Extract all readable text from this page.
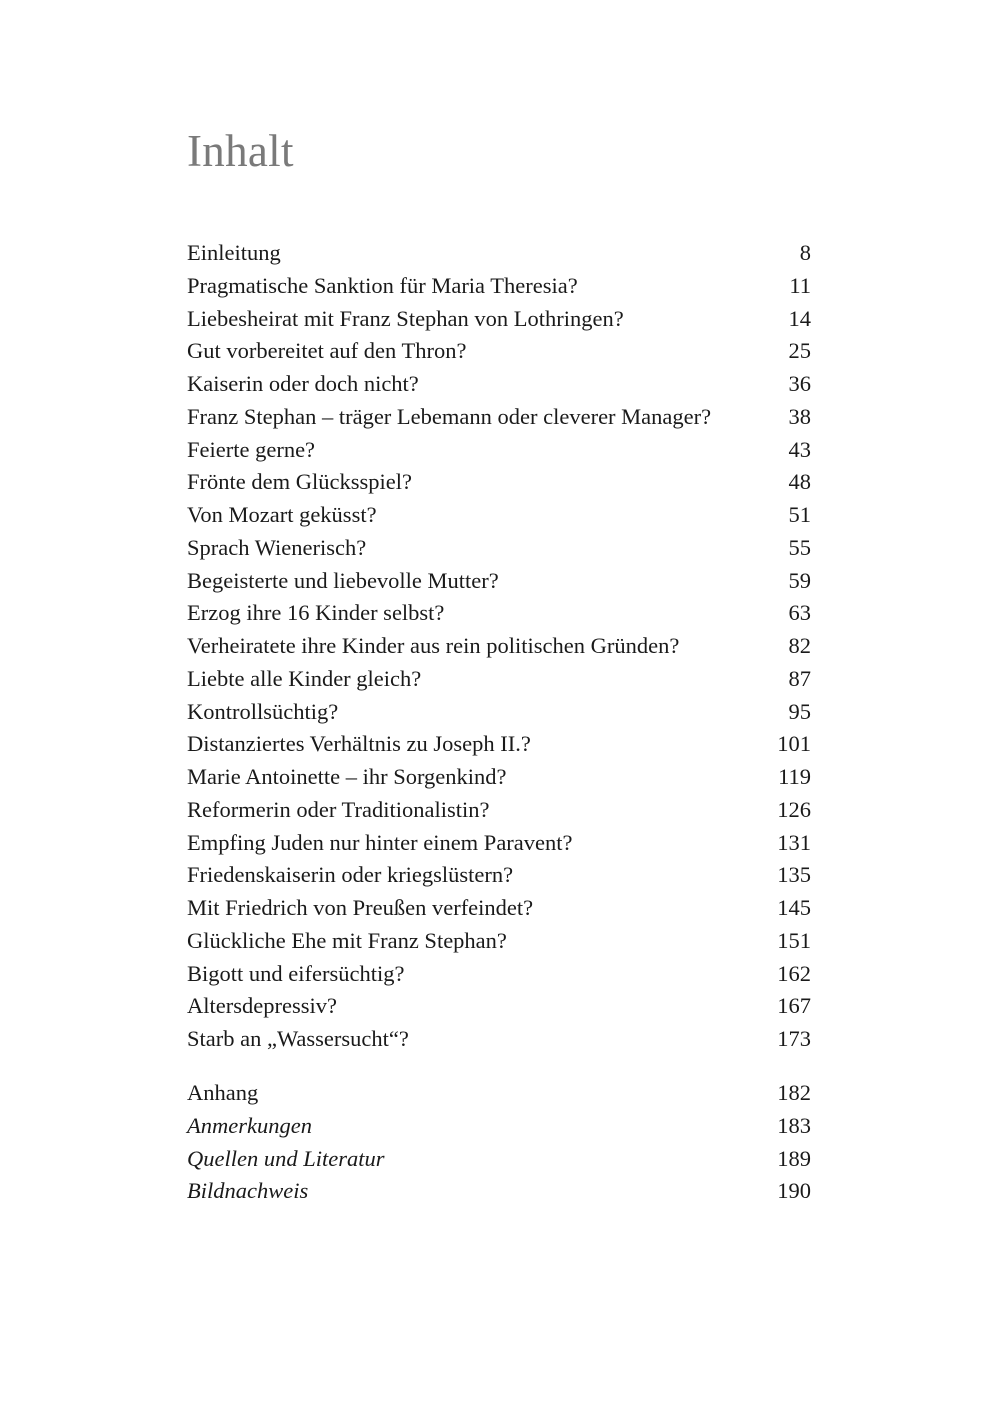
Inhalt
Einleitung	8
Pragmatische Sanktion für Maria Theresia?	11
Liebesheirat mit Franz Stephan von Lothringen?	14
Gut vorbereitet auf den Thron?	25
Kaiserin oder doch nicht?	36
Franz Stephan – träger Lebemann oder cleverer Manager?	38
Feierte gerne?	43
Frönte dem Glücksspiel?	48
Von Mozart geküsst?	51
Sprach Wienerisch?	55
Begeisterte und liebevolle Mutter?	59
Erzog ihre 16 Kinder selbst?	63
Verheiratete ihre Kinder aus rein politischen Gründen?	82
Liebte alle Kinder gleich?	87
Kontrollsüchtig?	95
Distanziertes Verhältnis zu Joseph II.?	101
Marie Antoinette – ihr Sorgenkind?	119
Reformerin oder Traditionalistin?	126
Empfing Juden nur hinter einem Paravent?	131
Friedenskaiserin oder kriegslüstern?	135
Mit Friedrich von Preußen verfeindet?	145
Glückliche Ehe mit Franz Stephan?	151
Bigott und eifersüchtig?	162
Altersdepressiv?	167
Starb an „Wassersucht“?	173
Anhang	182
Anmerkungen	183
Quellen und Literatur	189
Bildnachweis	190
